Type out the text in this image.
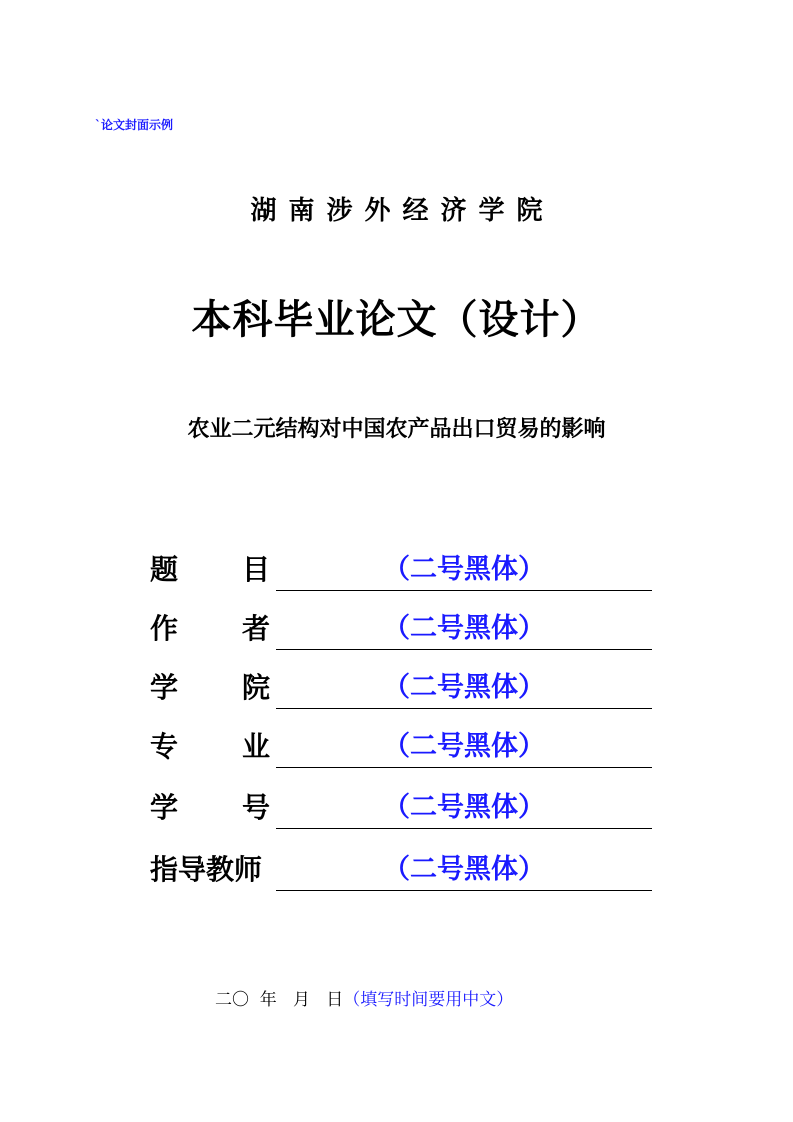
`论文封面示例
湖南涉外经济学院
本科毕业论文（设计）
农业二元结构对中国农产品出口贸易的影响
题 目	（二号黑体）
作 者	（二号黑体）
学 院	（二号黑体）
专 业	（二号黑体）
学 号	（二号黑体）
指导教师	（二号黑体）
二〇  年   月   日（填写时间要用中文）
